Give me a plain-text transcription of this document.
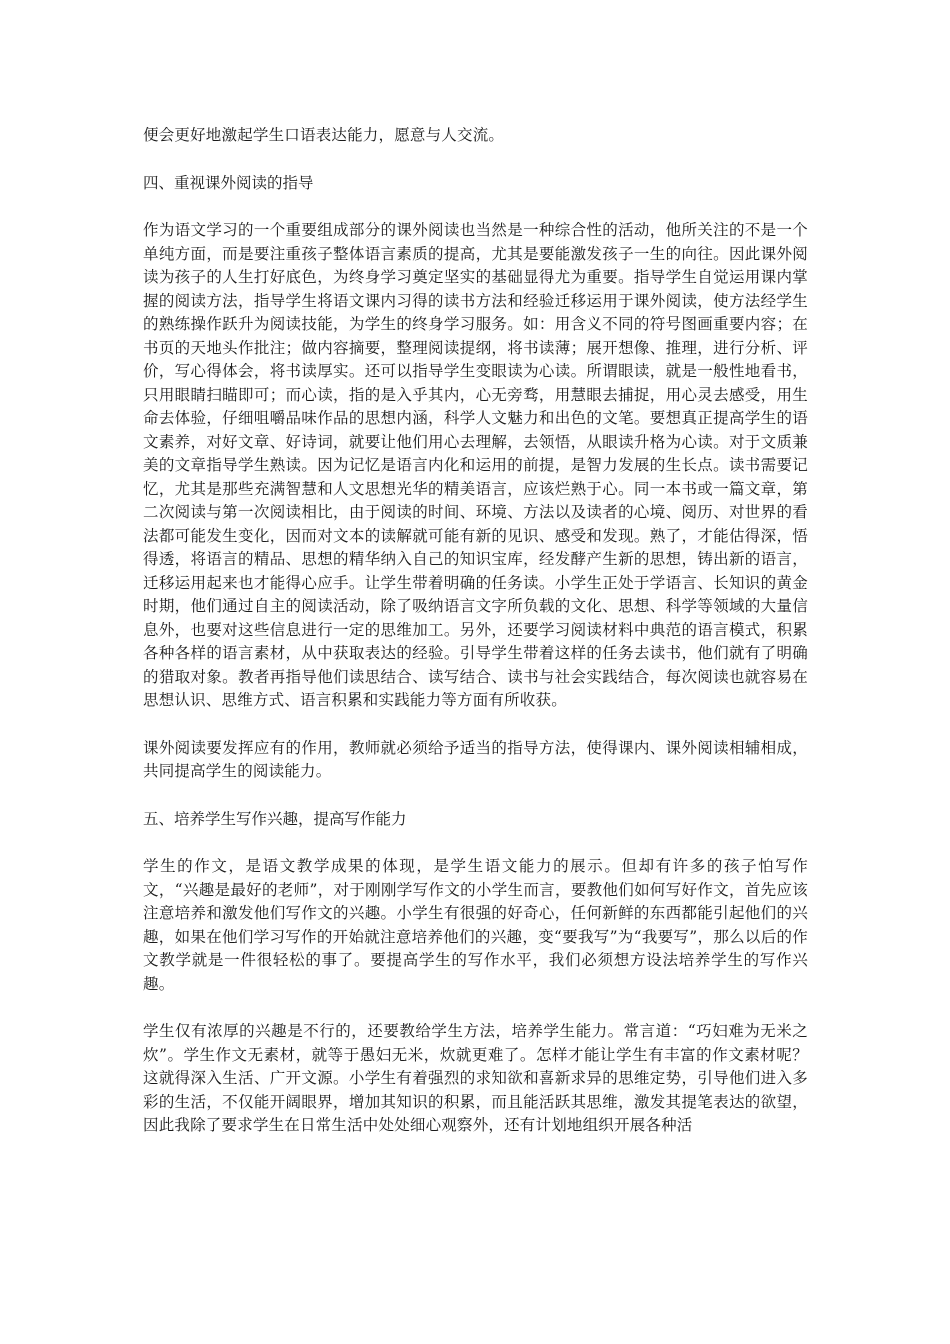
便会更好地激起学生口语表达能力，愿意与人交流。

四、重视课外阅读的指导

作为语文学习的一个重要组成部分的课外阅读也当然是一种综合性的活动，他所关注的不是一个单纯方面，而是要注重孩子整体语言素质的提高，尤其是要能激发孩子一生的向往。因此课外阅读为孩子的人生打好底色，为终身学习奠定坚实的基础显得尤为重要。指导学生自觉运用课内掌握的阅读方法，指导学生将语文课内习得的读书方法和经验迁移运用于课外阅读，使方法经学生的熟练操作跃升为阅读技能，为学生的终身学习服务。如：用含义不同的符号图画重要内容；在书页的天地头作批注；做内容摘要，整理阅读提纲，将书读薄；展开想像、推理，进行分析、评价，写心得体会，将书读厚实。还可以指导学生变眼读为心读。所谓眼读，就是一般性地看书，只用眼睛扫瞄即可；而心读，指的是入乎其内，心无旁骛，用慧眼去捕捉，用心灵去感受，用生命去体验，仔细咀嚼品味作品的思想内涵，科学人文魅力和出色的文笔。要想真正提高学生的语文素养，对好文章、好诗词，就要让他们用心去理解，去领悟，从眼读升格为心读。对于文质兼美的文章指导学生熟读。因为记忆是语言内化和运用的前提，是智力发展的生长点。读书需要记忆，尤其是那些充满智慧和人文思想光华的精美语言，应该烂熟于心。同一本书或一篇文章，第二次阅读与第一次阅读相比，由于阅读的时间、环境、方法以及读者的心境、阅历、对世界的看法都可能发生变化，因而对文本的读解就可能有新的见识、感受和发现。熟了，才能估得深，悟得透，将语言的精品、思想的精华纳入自己的知识宝库，经发酵产生新的思想，铸出新的语言，迁移运用起来也才能得心应手。让学生带着明确的任务读。小学生正处于学语言、长知识的黄金时期，他们通过自主的阅读活动，除了吸纳语言文字所负载的文化、思想、科学等领域的大量信息外，也要对这些信息进行一定的思维加工。另外，还要学习阅读材料中典范的语言模式，积累各种各样的语言素材，从中获取表达的经验。引导学生带着这样的任务去读书，他们就有了明确的猎取对象。教者再指导他们读思结合、读写结合、读书与社会实践结合，每次阅读也就容易在思想认识、思维方式、语言积累和实践能力等方面有所收获。

课外阅读要发挥应有的作用，教师就必须给予适当的指导方法，使得课内、课外阅读相辅相成，共同提高学生的阅读能力。

五、培养学生写作兴趣，提高写作能力

学生的作文，是语文教学成果的体现，是学生语文能力的展示。但却有许多的孩子怕写作文，“兴趣是最好的老师”，对于刚刚学写作文的小学生而言，要教他们如何写好作文，首先应该注意培养和激发他们写作文的兴趣。小学生有很强的好奇心，任何新鲜的东西都能引起他们的兴趣，如果在他们学习写作的开始就注意培养他们的兴趣，变“要我写”为“我要写”，那么以后的作文教学就是一件很轻松的事了。要提高学生的写作水平，我们必须想方设法培养学生的写作兴趣。

学生仅有浓厚的兴趣是不行的，还要教给学生方法，培养学生能力。常言道：“巧妇难为无米之炊”。学生作文无素材，就等于愚妇无米，炊就更难了。怎样才能让学生有丰富的作文素材呢？这就得深入生活、广开文源。小学生有着强烈的求知欲和喜新求异的思维定势，引导他们进入多彩的生活，不仅能开阔眼界，增加其知识的积累，而且能活跃其思维，激发其提笔表达的欲望，因此我除了要求学生在日常生活中处处细心观察外，还有计划地组织开展各种活
